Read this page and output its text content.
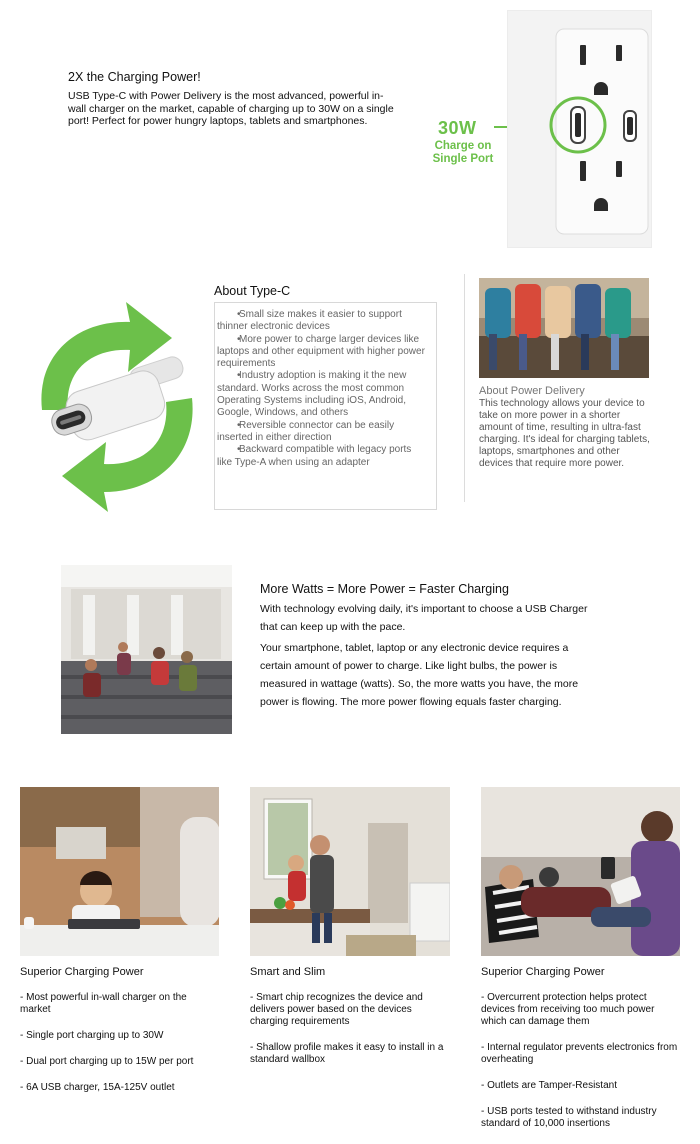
2X the Charging Power!
USB Type-C with Power Delivery is the most advanced, powerful in-wall charger on the market, capable of charging up to 30W on a single port! Perfect for power hungry laptops, tablets and smartphones.	30W
Charge on Single Port
About Type-C
• Small size makes it easier to support thinner electronic devices
• More power to charge larger devices like laptops and other equipment with higher power requirements
• Industry adoption is making it the new standard. Works across the most common Operating Systems including iOS, Android, Google, Windows, and others
• Reversible connector can be easily inserted in either direction
• Backward compatible with legacy ports like Type-A when using an adapter
About Power Delivery
This technology allows your device to take on more power in a shorter amount of time, resulting in ultra-fast charging. It's ideal for charging tablets, laptops, smartphones and other devices that require more power.
More Watts = More Power = Faster Charging
With technology evolving daily, it's important to choose a USB Charger that can keep up with the pace.
Your smartphone, tablet, laptop or any electronic device requires a certain amount of power to charge. Like light bulbs, the power is measured in wattage (watts). So, the more watts you have, the more power is flowing. The more power flowing equals faster charging.
Superior Charging Power
- Most powerful in-wall charger on the market
- Single port charging up to 30W
- Dual port charging up to 15W per port
- 6A USB charger, 15A-125V outlet
Smart and Slim
- Smart chip recognizes the device and delivers power based on the devices charging requirements
- Shallow profile makes it easy to install in a standard wallbox
Superior Charging Power
- Overcurrent protection helps protect devices from receiving too much power which can damage them
- Internal regulator prevents electronics from overheating
- Outlets are Tamper-Resistant
- USB ports tested to withstand industry standard of 10,000 insertions
